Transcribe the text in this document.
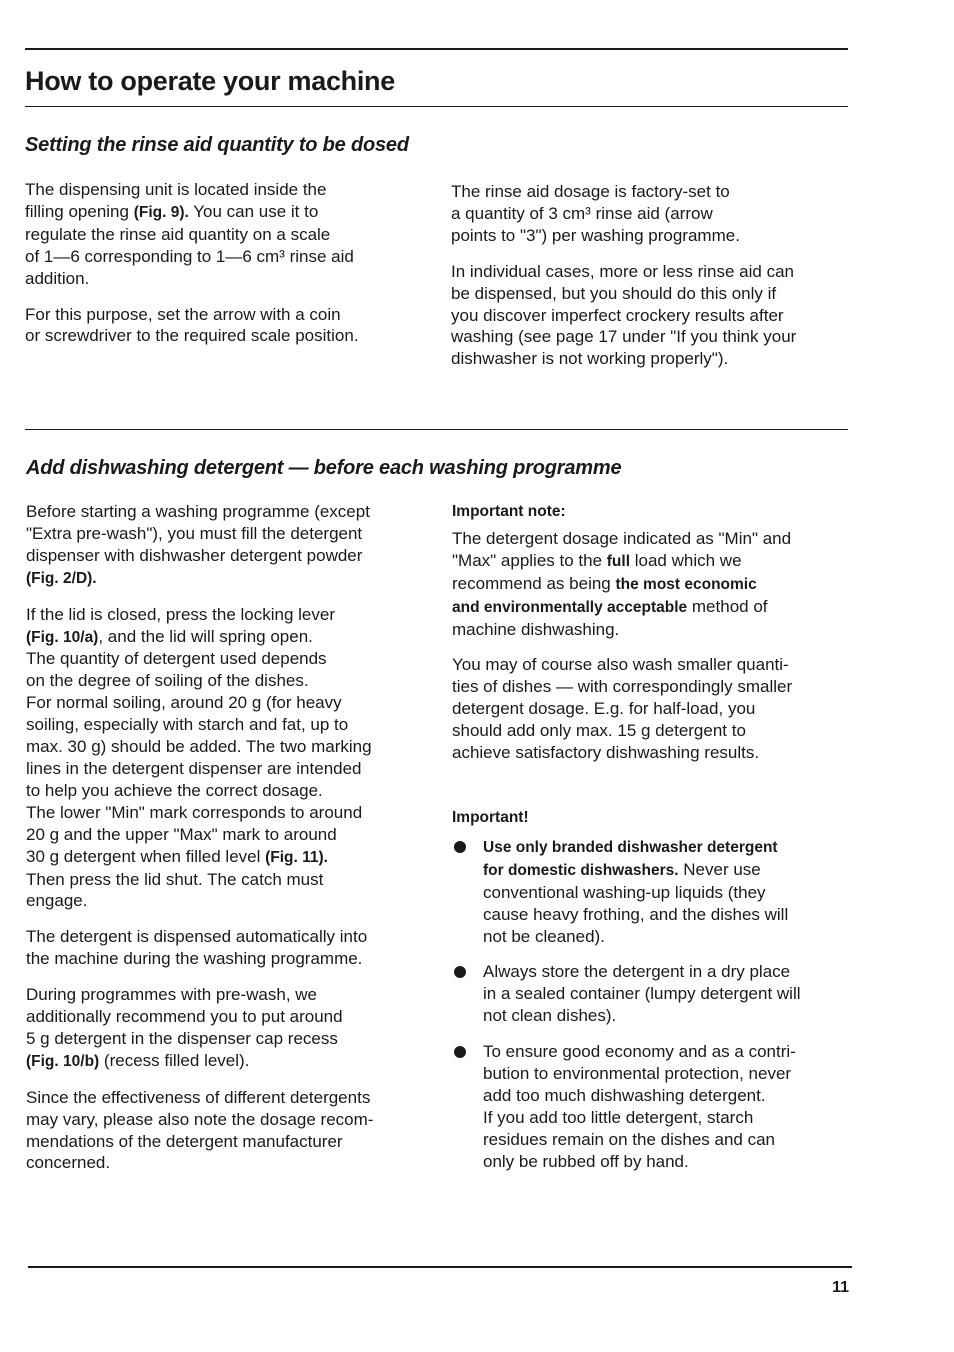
How to operate your machine
Setting the rinse aid quantity to be dosed

The dispensing unit is located inside the
filling opening (Fig. 9). You can use it to
regulate the rinse aid quantity on a scale
of 1—6 corresponding to 1—6 cm³ rinse aid
addition.

For this purpose, set the arrow with a coin
or screwdriver to the required scale position.

The rinse aid dosage is factory-set to
a quantity of 3 cm³ rinse aid (arrow
points to "3") per washing programme.

In individual cases, more or less rinse aid can
be dispensed, but you should do this only if
you discover imperfect crockery results after
washing (see page 17 under "If you think your
dishwasher is not working properly").

Add dishwashing detergent — before each washing programme

Before starting a washing programme (except
"Extra pre-wash"), you must fill the detergent
dispenser with dishwasher detergent powder
(Fig. 2/D).

If the lid is closed, press the locking lever
(Fig. 10/a), and the lid will spring open.
The quantity of detergent used depends
on the degree of soiling of the dishes.
For normal soiling, around 20 g (for heavy
soiling, especially with starch and fat, up to
max. 30 g) should be added. The two marking
lines in the detergent dispenser are intended
to help you achieve the correct dosage.
The lower "Min" mark corresponds to around
20 g and the upper "Max" mark to around
30 g detergent when filled level (Fig. 11).
Then press the lid shut. The catch must
engage.

The detergent is dispensed automatically into
the machine during the washing programme.

During programmes with pre-wash, we
additionally recommend you to put around
5 g detergent in the dispenser cap recess
(Fig. 10/b) (recess filled level).

Since the effectiveness of different detergents
may vary, please also note the dosage recom-
mendations of the detergent manufacturer
concerned.

Important note:

The detergent dosage indicated as "Min" and
"Max" applies to the full load which we
recommend as being the most economic
and environmentally acceptable method of
machine dishwashing.

You may of course also wash smaller quanti-
ties of dishes — with correspondingly smaller
detergent dosage. E.g. for half-load, you
should add only max. 15 g detergent to
achieve satisfactory dishwashing results.

Important!
Use only branded dishwasher detergent
for domestic dishwashers. Never use
conventional washing-up liquids (they
cause heavy frothing, and the dishes will
not be cleaned).
Always store the detergent in a dry place
in a sealed container (lumpy detergent will
not clean dishes).
To ensure good economy and as a contri-
bution to environmental protection, never
add too much dishwashing detergent.
If you add too little detergent, starch
residues remain on the dishes and can
only be rubbed off by hand.
11
